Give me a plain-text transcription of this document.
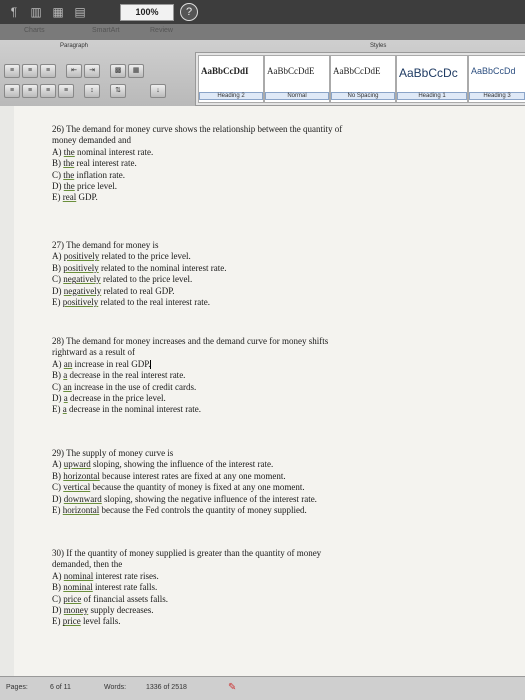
¶	▥ ▦ ▤	100%	?
Charts	SmartArt	Review
Paragraph	Styles
≡	≡	≡	⇤	⇥	▩	▦
≡	≡	≡	≡	↕	⇅	↓
AaBbCcDdI
Heading 2
AaBbCcDdE
Normal
AaBbCcDdE
No Spacing
AaBbCcDc
Heading 1
AaBbCcDd
Heading 3

26) The demand for money curve shows the relationship between the quantity of

money demanded and

A) the nominal interest rate.

B) the real interest rate.

C) the inflation rate.

D) the price level.

E) real GDP.

27) The demand for money is

A) positively related to the price level.

B) positively related to the nominal interest rate.

C) negatively related to the price level.

D) negatively related to real GDP.

E) positively related to the real interest rate.

28) The demand for money increases and the demand curve for money shifts

rightward as a result of

A) an increase in real GDP.

B) a decrease in the real interest rate.

C) an increase in the use of credit cards.

D) a decrease in the price level.

E) a decrease in the nominal interest rate.

29) The supply of money curve is

A) upward sloping, showing the influence of the interest rate.

B) horizontal because interest rates are fixed at any one moment.

C) vertical because the quantity of money is fixed at any one moment.

D) downward sloping, showing the negative influence of the interest rate.

E) horizontal because the Fed controls the quantity of money supplied.

30) If the quantity of money supplied is greater than the quantity of money

demanded, then the

A) nominal interest rate rises.

B) nominal interest rate falls.

C) price of financial assets falls.

D) money supply decreases.

E) price level falls.

Pages:	6 of 11	Words:	1336 of 2518	✎
